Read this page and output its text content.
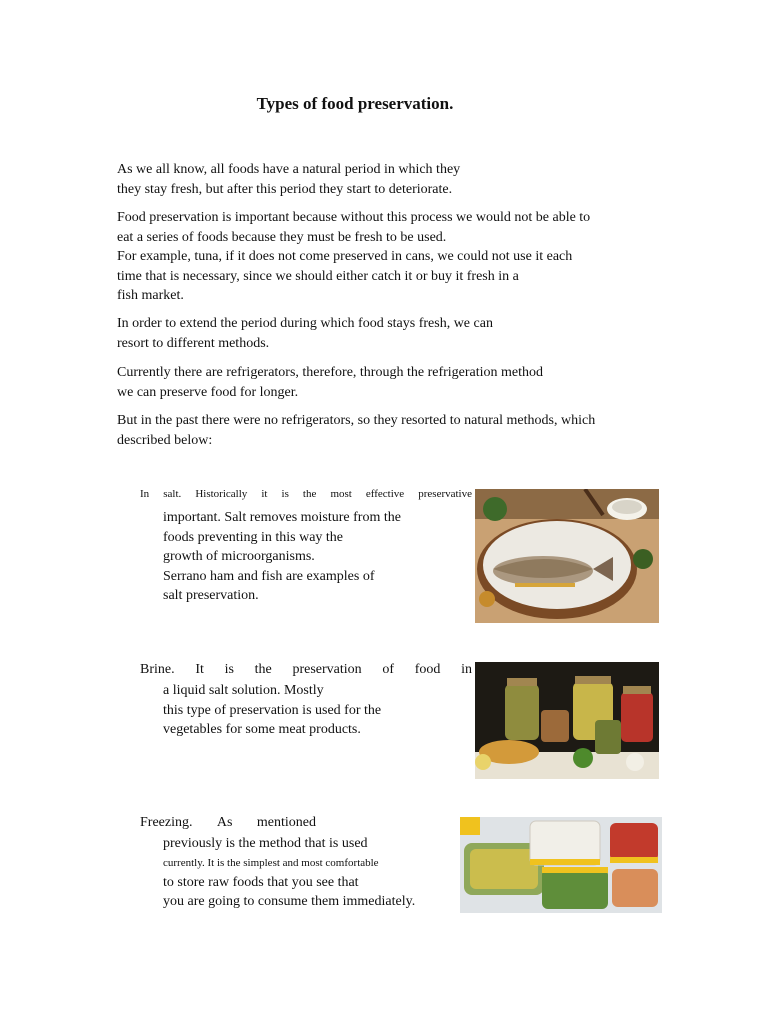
Types of food preservation.
As we all know, all foods have a natural period in which they
they stay fresh, but after this period they start to deteriorate.
Food preservation is important because without this process we would not be able to
eat a series of foods because they must be fresh to be used.
For example, tuna, if it does not come preserved in cans, we could not use it each
time that is necessary, since we should either catch it or buy it fresh in a
fish market.
In order to extend the period during which food stays fresh, we can
resort to different methods.
Currently there are refrigerators, therefore, through the refrigeration method
we can preserve food for longer.
But in the past there were no refrigerators, so they resorted to natural methods, which
described below:
In salt. Historically it is the most effective preservative
important. Salt removes moisture from the
foods preventing in this way the
growth of microorganisms.
Serrano ham and fish are examples of
salt preservation.
Brine. It is the preservation of food in
a liquid salt solution. Mostly
this type of preservation is used for the
vegetables for some meat products.
Freezing. As mentioned
previously is the method that is used
currently. It is the simplest and most comfortable
to store raw foods that you see that
you are going to consume them immediately.
